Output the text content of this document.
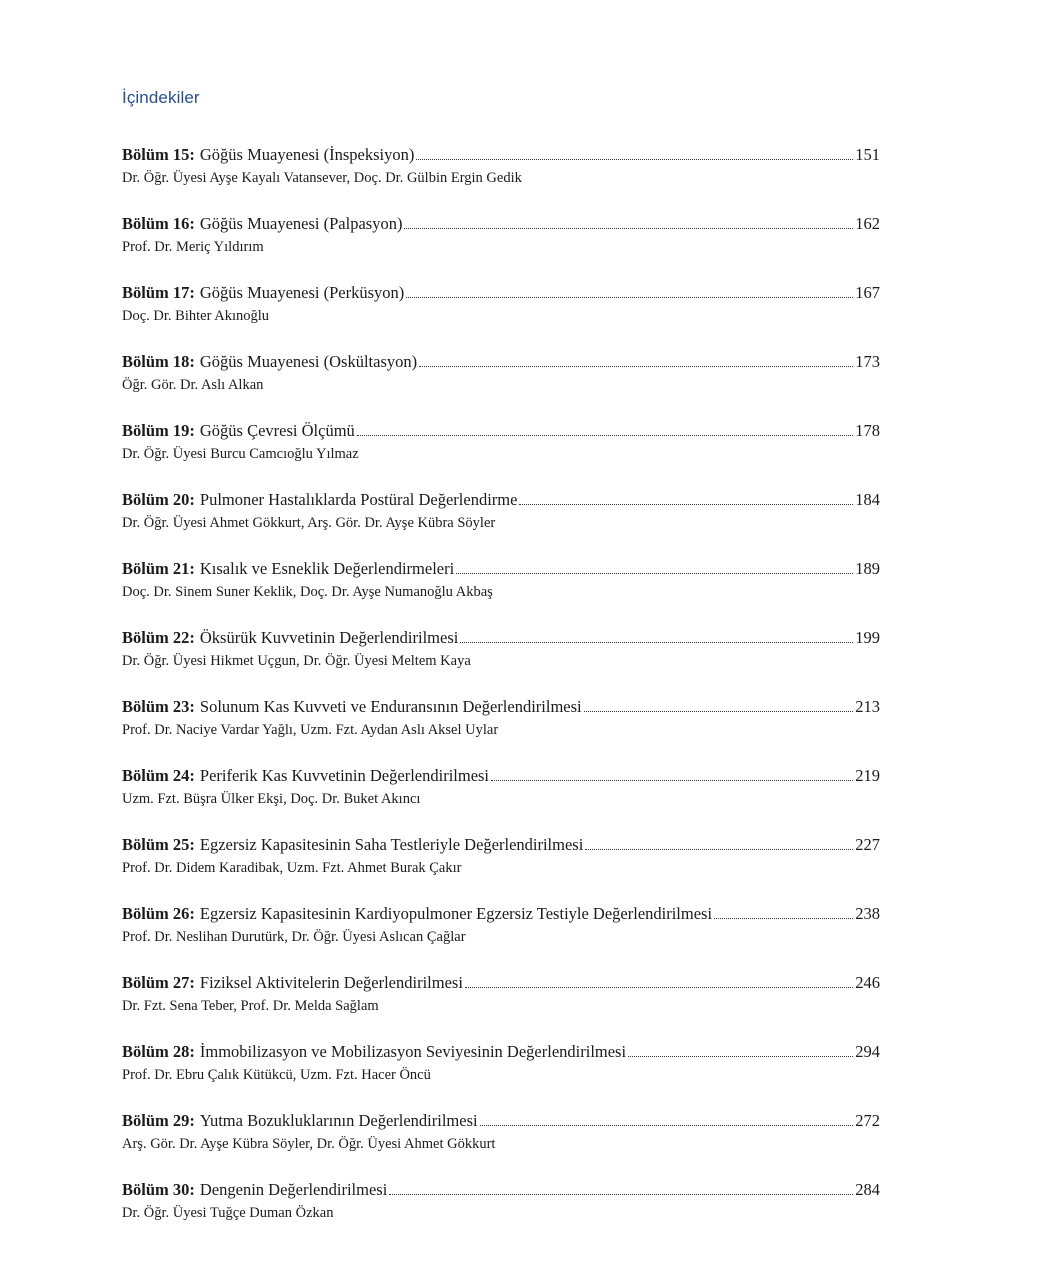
İçindekiler
Bölüm 15: Göğüs Muayenesi (İnspeksiyon)	151
Dr. Öğr. Üyesi Ayşe Kayalı Vatansever, Doç. Dr. Gülbin Ergin Gedik
Bölüm 16: Göğüs Muayenesi (Palpasyon)	162
Prof. Dr. Meriç Yıldırım
Bölüm 17: Göğüs Muayenesi (Perküsyon)	167
Doç. Dr. Bihter Akınoğlu
Bölüm 18: Göğüs Muayenesi (Oskültasyon)	173
Öğr. Gör. Dr. Aslı Alkan
Bölüm 19: Göğüs Çevresi Ölçümü	178
Dr. Öğr. Üyesi Burcu Camcıoğlu Yılmaz
Bölüm 20: Pulmoner Hastalıklarda Postüral Değerlendirme	184
Dr. Öğr. Üyesi Ahmet Gökkurt, Arş. Gör. Dr. Ayşe Kübra Söyler
Bölüm 21: Kısalık ve Esneklik Değerlendirmeleri	189
Doç. Dr. Sinem Suner Keklik, Doç. Dr. Ayşe Numanoğlu Akbaş
Bölüm 22: Öksürük Kuvvetinin Değerlendirilmesi	199
Dr. Öğr. Üyesi Hikmet Uçgun, Dr. Öğr. Üyesi Meltem Kaya
Bölüm 23: Solunum Kas Kuvveti ve Enduransının Değerlendirilmesi	213
Prof. Dr. Naciye Vardar Yağlı, Uzm. Fzt. Aydan Aslı Aksel Uylar
Bölüm 24: Periferik Kas Kuvvetinin Değerlendirilmesi	219
Uzm. Fzt. Büşra Ülker Ekşi, Doç. Dr. Buket Akıncı
Bölüm 25: Egzersiz Kapasitesinin Saha Testleriyle Değerlendirilmesi	227
Prof. Dr. Didem Karadibak, Uzm. Fzt. Ahmet Burak Çakır
Bölüm 26: Egzersiz Kapasitesinin Kardiyopulmoner Egzersiz Testiyle Değerlendirilmesi	238
Prof. Dr. Neslihan Durutürk, Dr. Öğr. Üyesi Aslıcan Çağlar
Bölüm 27: Fiziksel Aktivitelerin Değerlendirilmesi	246
Dr. Fzt. Sena Teber, Prof. Dr. Melda Sağlam
Bölüm 28: İmmobilizasyon ve Mobilizasyon Seviyesinin Değerlendirilmesi	294
Prof. Dr. Ebru Çalık Kütükcü, Uzm. Fzt. Hacer Öncü
Bölüm 29: Yutma Bozukluklarının Değerlendirilmesi	272
Arş. Gör. Dr. Ayşe Kübra Söyler, Dr. Öğr. Üyesi Ahmet Gökkurt
Bölüm 30: Dengenin Değerlendirilmesi	284
Dr. Öğr. Üyesi Tuğçe Duman Özkan
